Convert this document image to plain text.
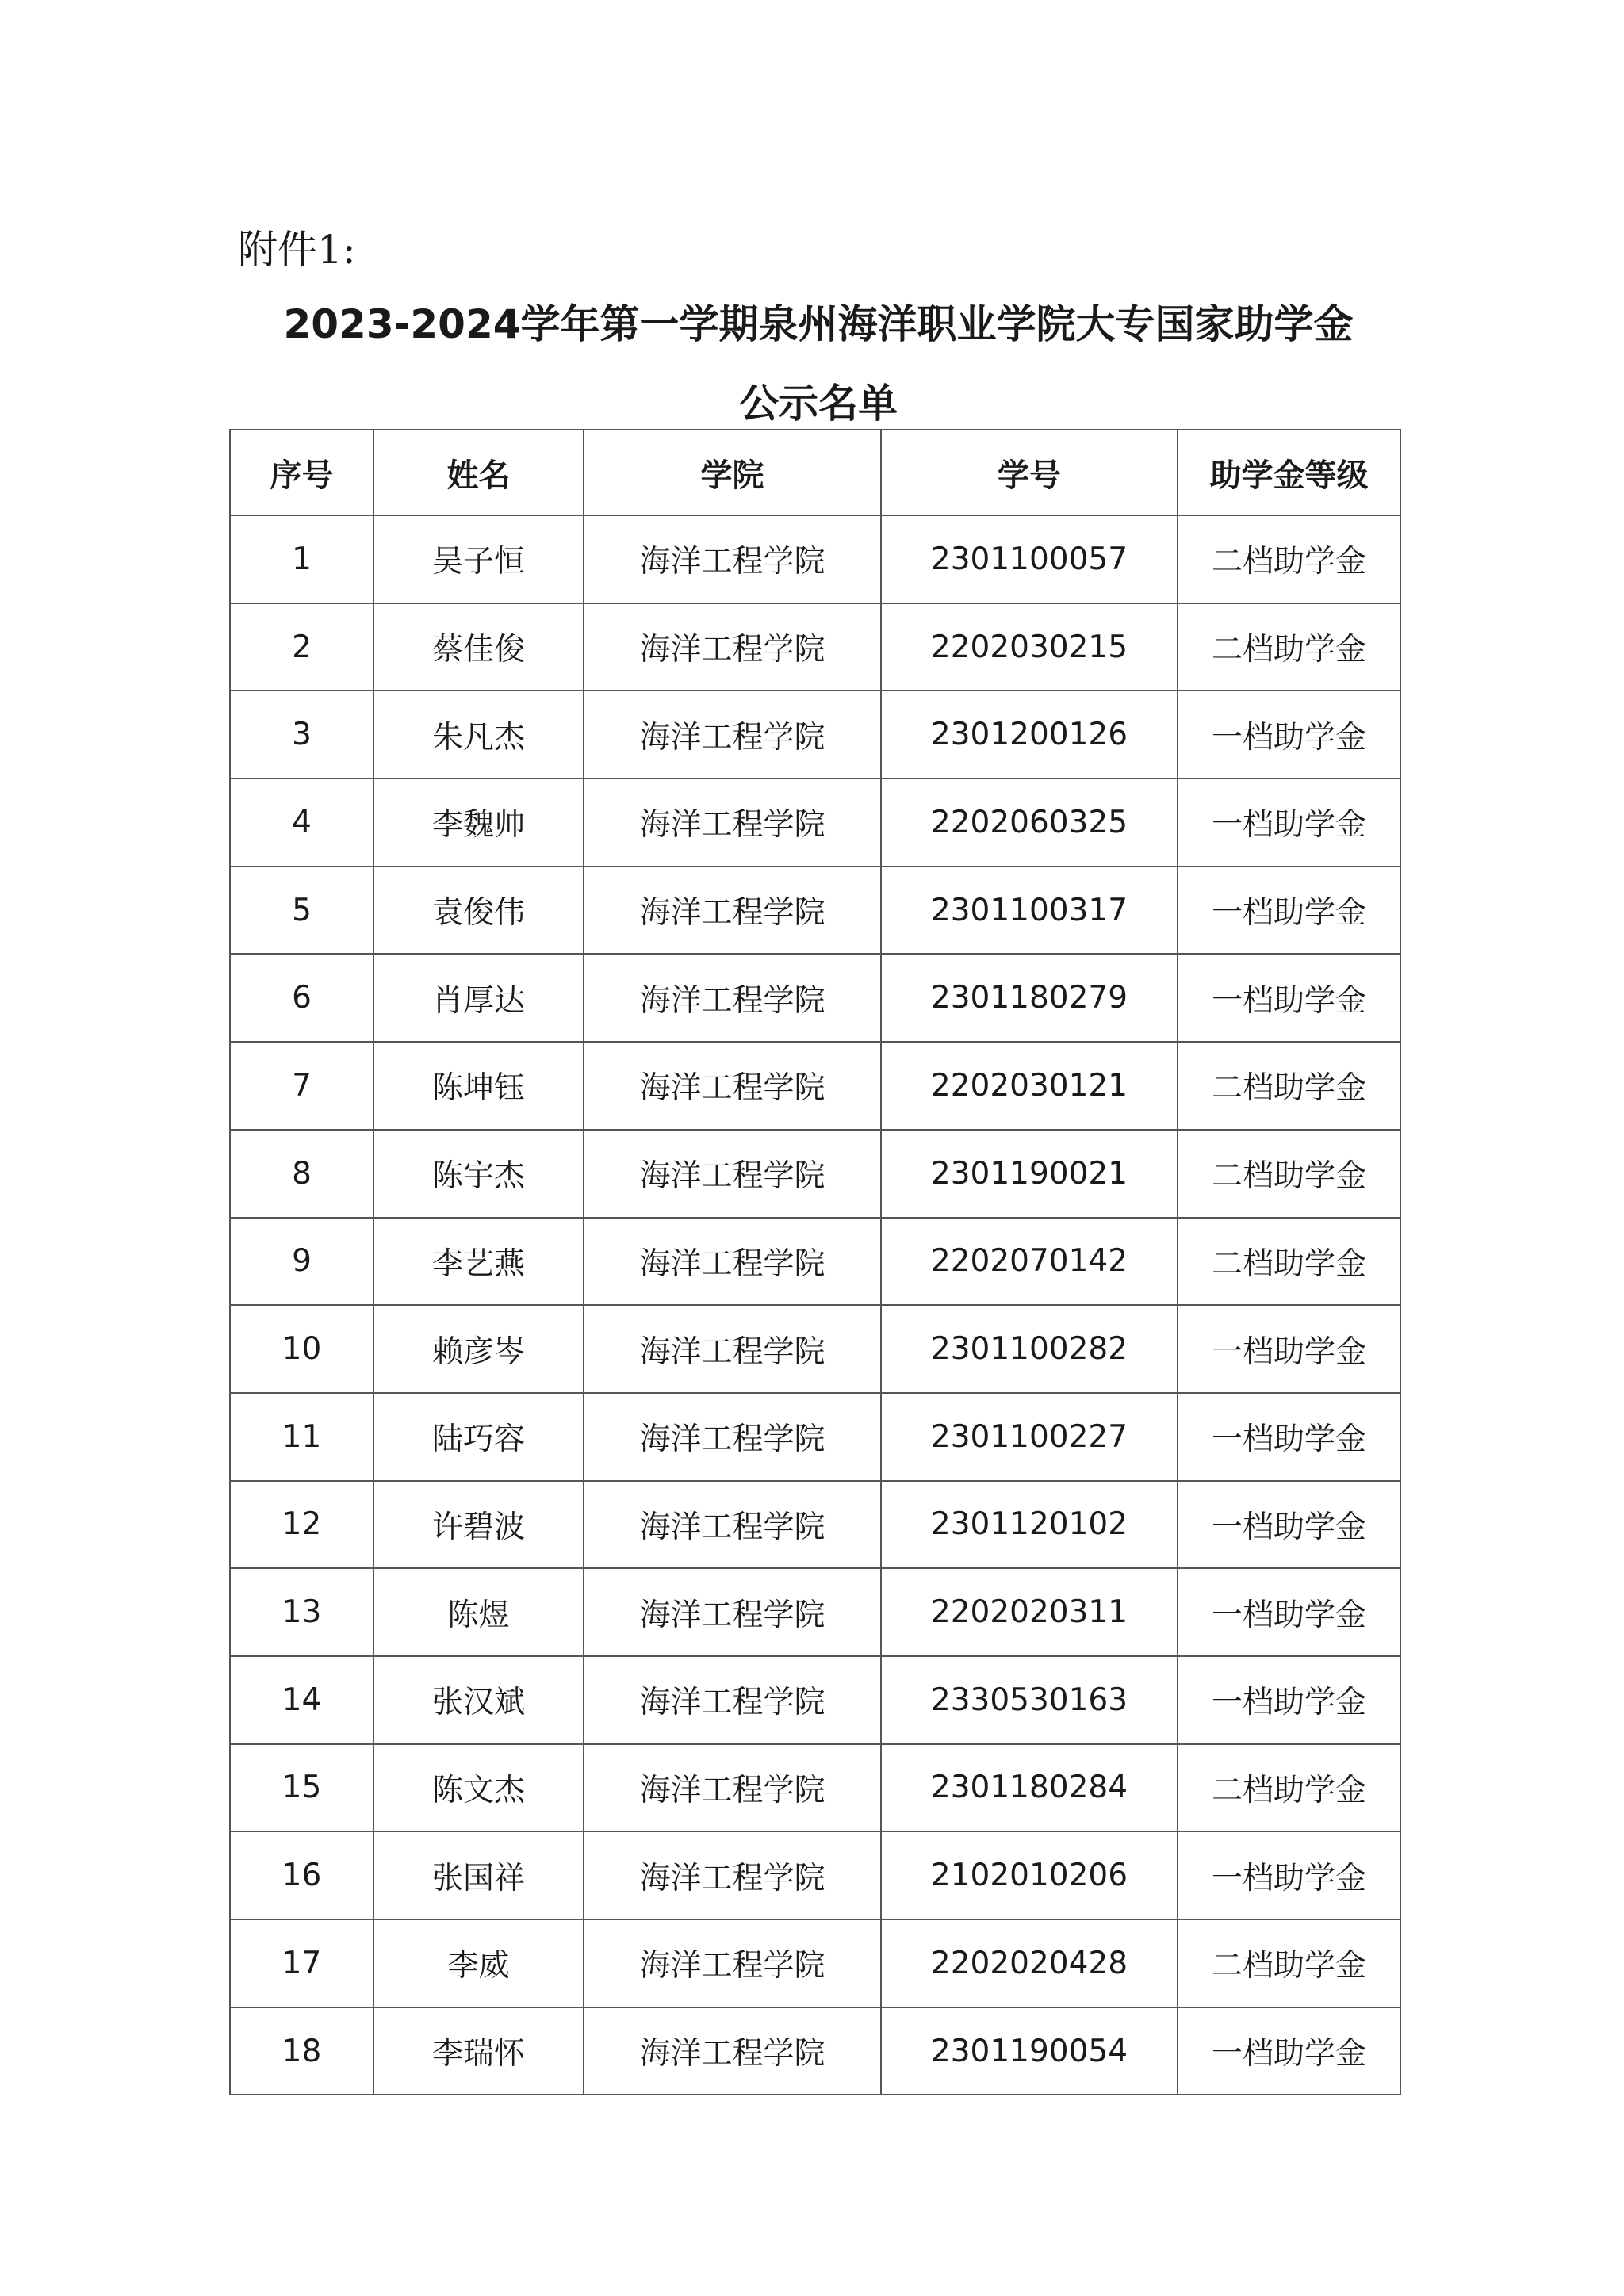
附件1:
2023-2024学年第一学期泉州海洋职业学院大专国家助学金
公示名单
序号	姓名	学院	学号	助学金等级
1	吴子恒	海洋工程学院	2301100057	二档助学金
2	蔡佳俊	海洋工程学院	2202030215	二档助学金
3	朱凡杰	海洋工程学院	2301200126	一档助学金
4	李魏帅	海洋工程学院	2202060325	一档助学金
5	袁俊伟	海洋工程学院	2301100317	一档助学金
6	肖厚达	海洋工程学院	2301180279	一档助学金
7	陈坤钰	海洋工程学院	2202030121	二档助学金
8	陈宇杰	海洋工程学院	2301190021	二档助学金
9	李艺燕	海洋工程学院	2202070142	二档助学金
10	赖彦岑	海洋工程学院	2301100282	一档助学金
11	陆巧容	海洋工程学院	2301100227	一档助学金
12	许碧波	海洋工程学院	2301120102	一档助学金
13	陈煜	海洋工程学院	2202020311	一档助学金
14	张汉斌	海洋工程学院	2330530163	一档助学金
15	陈文杰	海洋工程学院	2301180284	二档助学金
16	张国祥	海洋工程学院	2102010206	一档助学金
17	李威	海洋工程学院	2202020428	二档助学金
18	李瑞怀	海洋工程学院	2301190054	一档助学金
